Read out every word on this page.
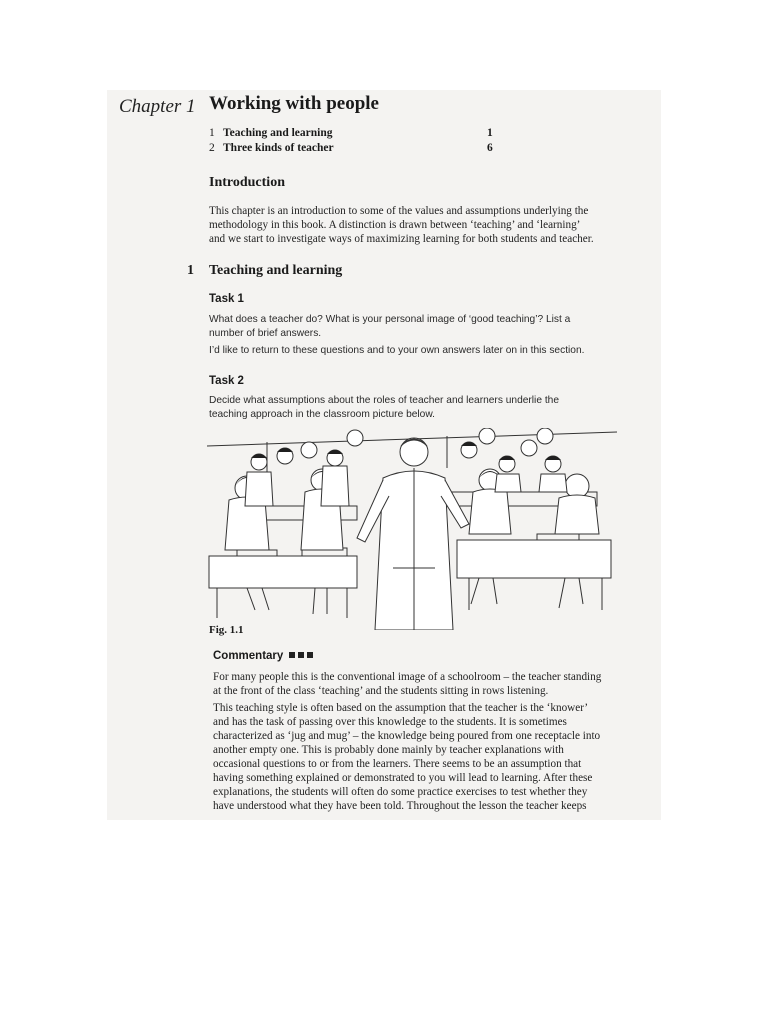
Chapter 1 Working with people
1 Teaching and learning	1
2 Three kinds of teacher	6
Introduction
This chapter is an introduction to some of the values and assumptions underlying the
methodology in this book. A distinction is drawn between ‘teaching’ and ‘learning’
and we start to investigate ways of maximizing learning for both students and teacher.
1 Teaching and learning
Task 1
What does a teacher do? What is your personal image of ‘good teaching’? List a
number of brief answers.
I’d like to return to these questions and to your own answers later on in this section.
Task 2
Decide what assumptions about the roles of teacher and learners underlie the
teaching approach in the classroom picture below.
Fig. 1.1
Commentary
For many people this is the conventional image of a schoolroom – the teacher standing
at the front of the class ‘teaching’ and the students sitting in rows listening.
This teaching style is often based on the assumption that the teacher is the ‘knower’
and has the task of passing over this knowledge to the students. It is sometimes
characterized as ‘jug and mug’ – the knowledge being poured from one receptacle into
another empty one. This is probably done mainly by teacher explanations with
occasional questions to or from the learners. There seems to be an assumption that
having something explained or demonstrated to you will lead to learning. After these
explanations, the students will often do some practice exercises to test whether they
have understood what they have been told. Throughout the lesson the teacher keeps
